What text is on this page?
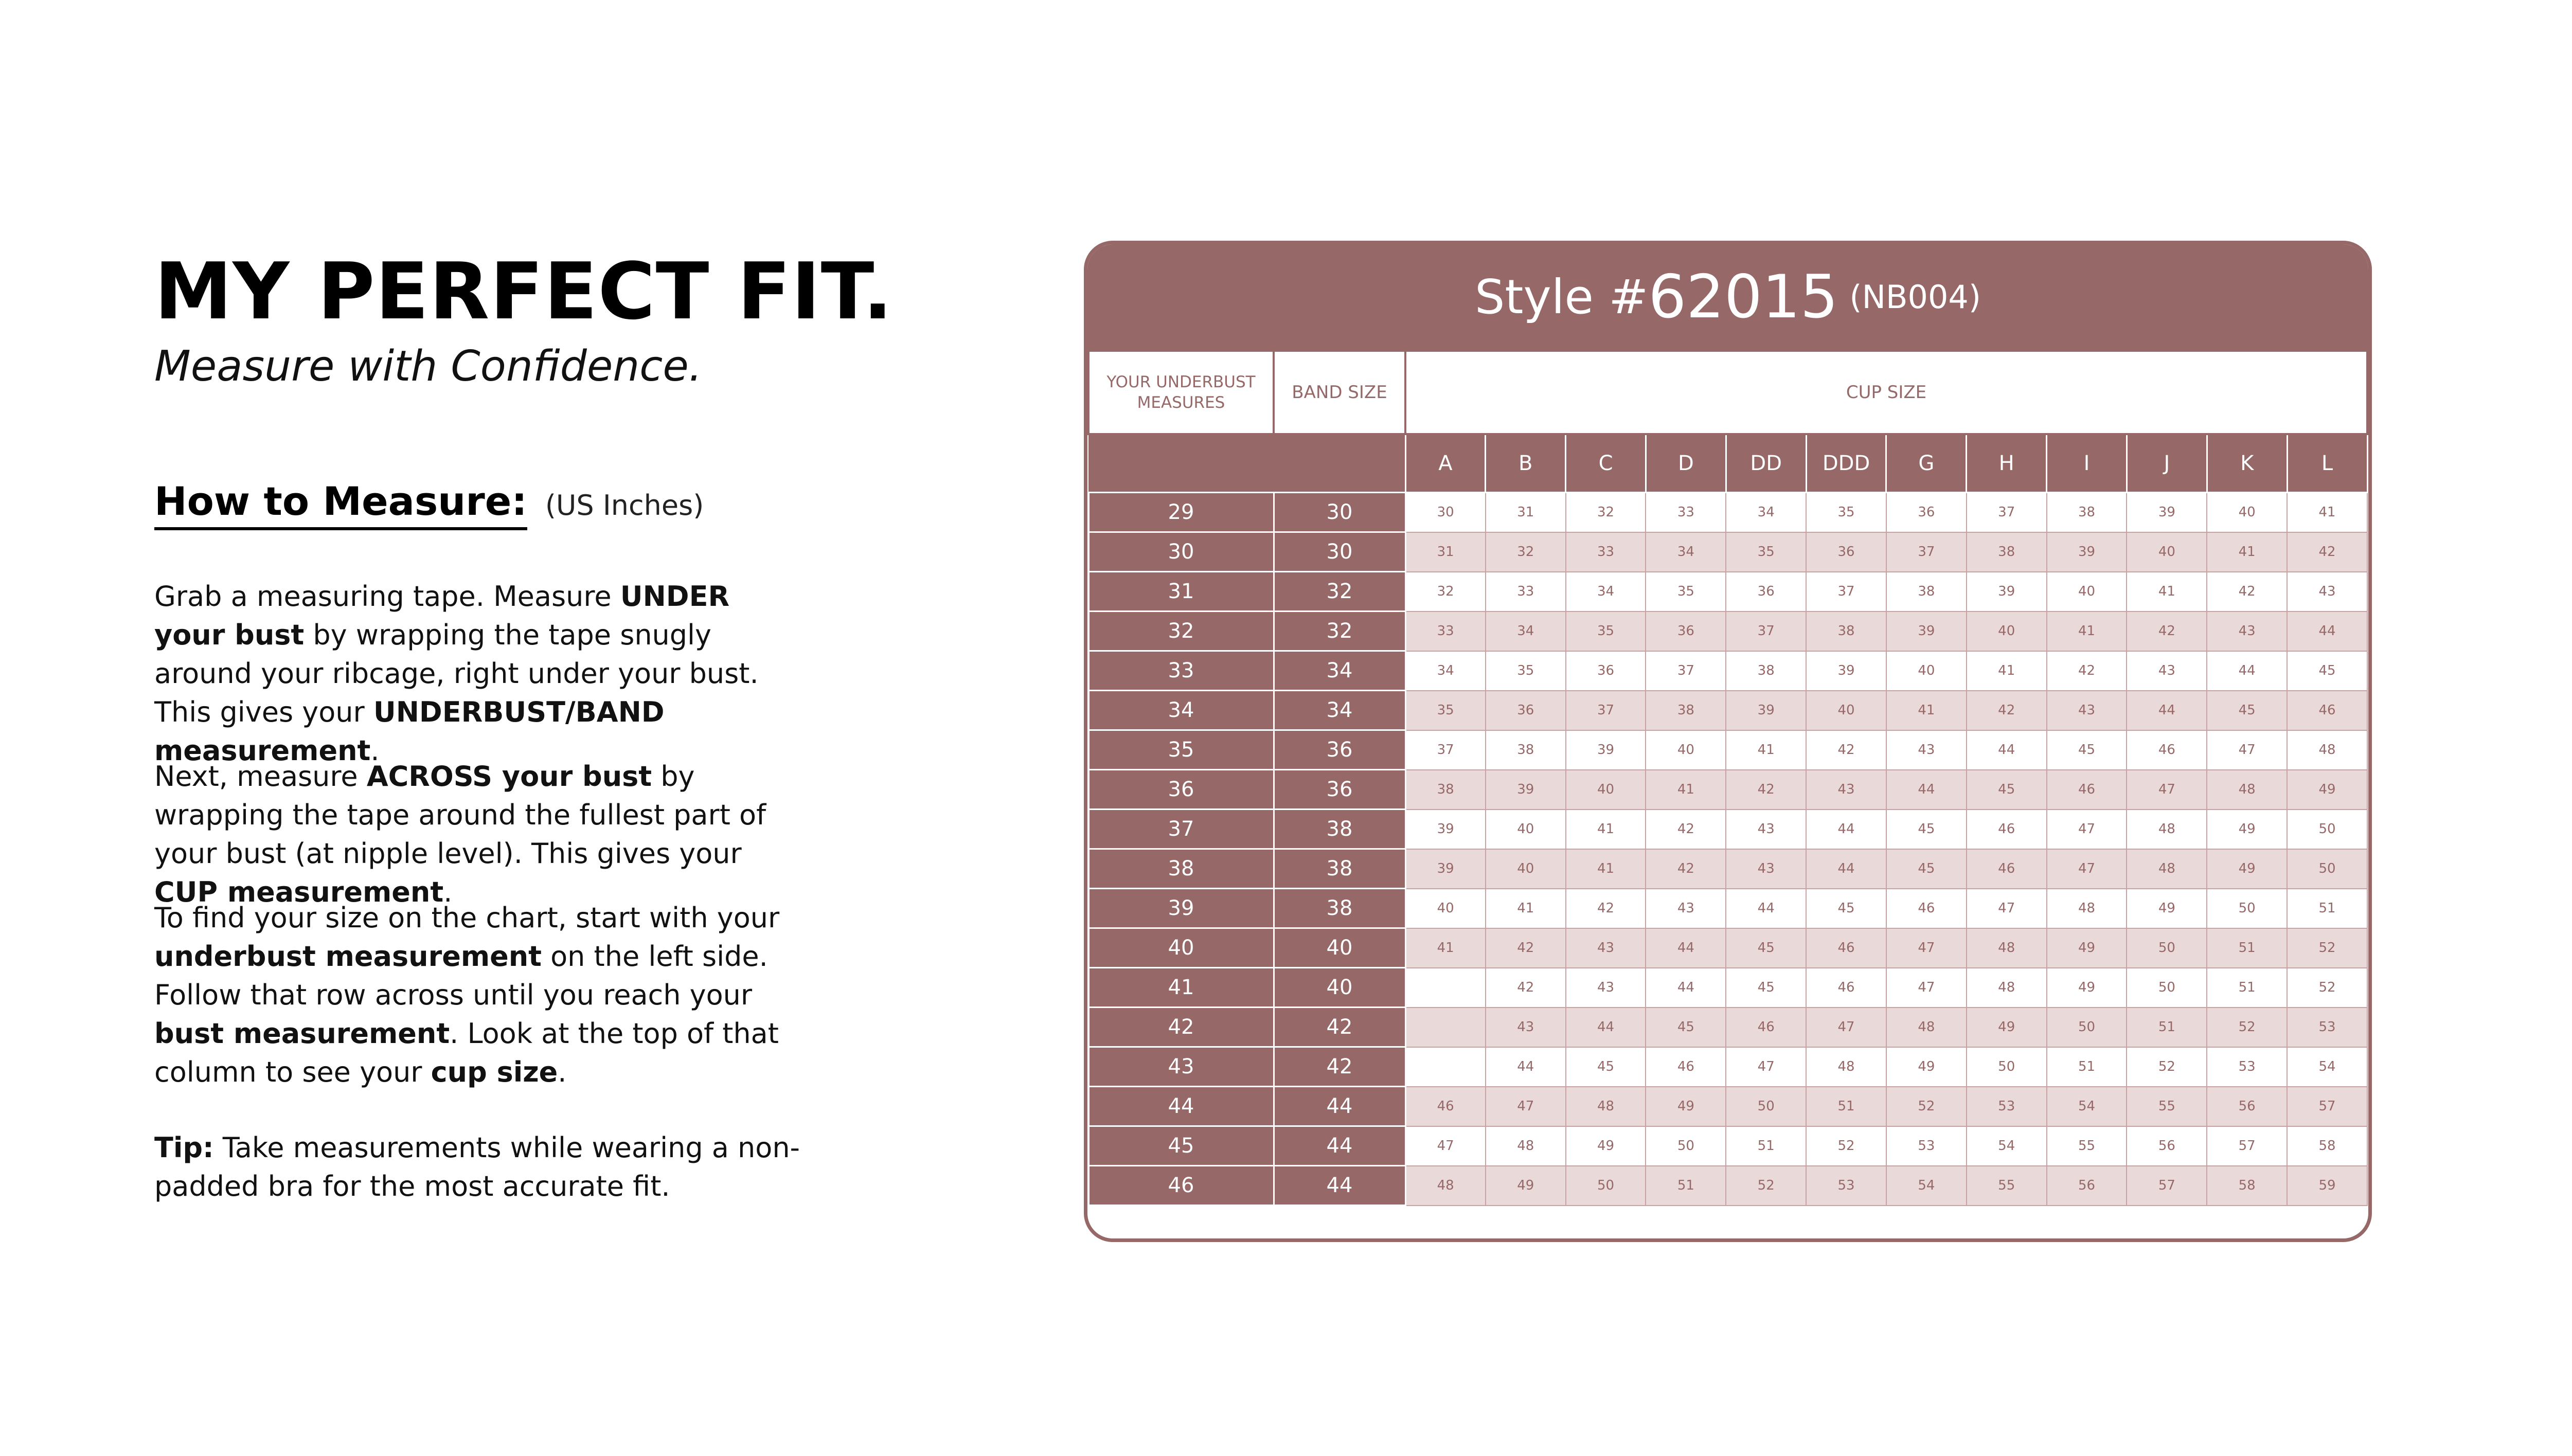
MY PERFECT FIT.

Measure with Confidence.

How to Measure: (US Inches)

Grab a measuring tape. Measure UNDER your bust by wrapping the tape snugly around your ribcage, right under your bust. This gives your UNDERBUST/BAND measurement.

Next, measure ACROSS your bust by wrapping the tape around the fullest part of your bust (at nipple level). This gives your CUP measurement.

To find your size on the chart, start with your underbust measurement on the left side. Follow that row across until you reach your bust measurement. Look at the top of that column to see your cup size.

Tip: Take measurements while wearing a non-padded bra for the most accurate fit.

Style # 62015 (NB004)
YOUR UNDERBUST MEASURES	BAND SIZE	CUP SIZE											
		A	B	C	D	DD	DDD	G	H	I	J	K	L
29	30	30	31	32	33	34	35	36	37	38	39	40	41
30	30	31	32	33	34	35	36	37	38	39	40	41	42
31	32	32	33	34	35	36	37	38	39	40	41	42	43
32	32	33	34	35	36	37	38	39	40	41	42	43	44
33	34	34	35	36	37	38	39	40	41	42	43	44	45
34	34	35	36	37	38	39	40	41	42	43	44	45	46
35	36	37	38	39	40	41	42	43	44	45	46	47	48
36	36	38	39	40	41	42	43	44	45	46	47	48	49
37	38	39	40	41	42	43	44	45	46	47	48	49	50
38	38	39	40	41	42	43	44	45	46	47	48	49	50
39	38	40	41	42	43	44	45	46	47	48	49	50	51
40	40	41	42	43	44	45	46	47	48	49	50	51	52
41	40		42	43	44	45	46	47	48	49	50	51	52
42	42		43	44	45	46	47	48	49	50	51	52	53
43	42		44	45	46	47	48	49	50	51	52	53	54
44	44	46	47	48	49	50	51	52	53	54	55	56	57
45	44	47	48	49	50	51	52	53	54	55	56	57	58
46	44	48	49	50	51	52	53	54	55	56	57	58	59
